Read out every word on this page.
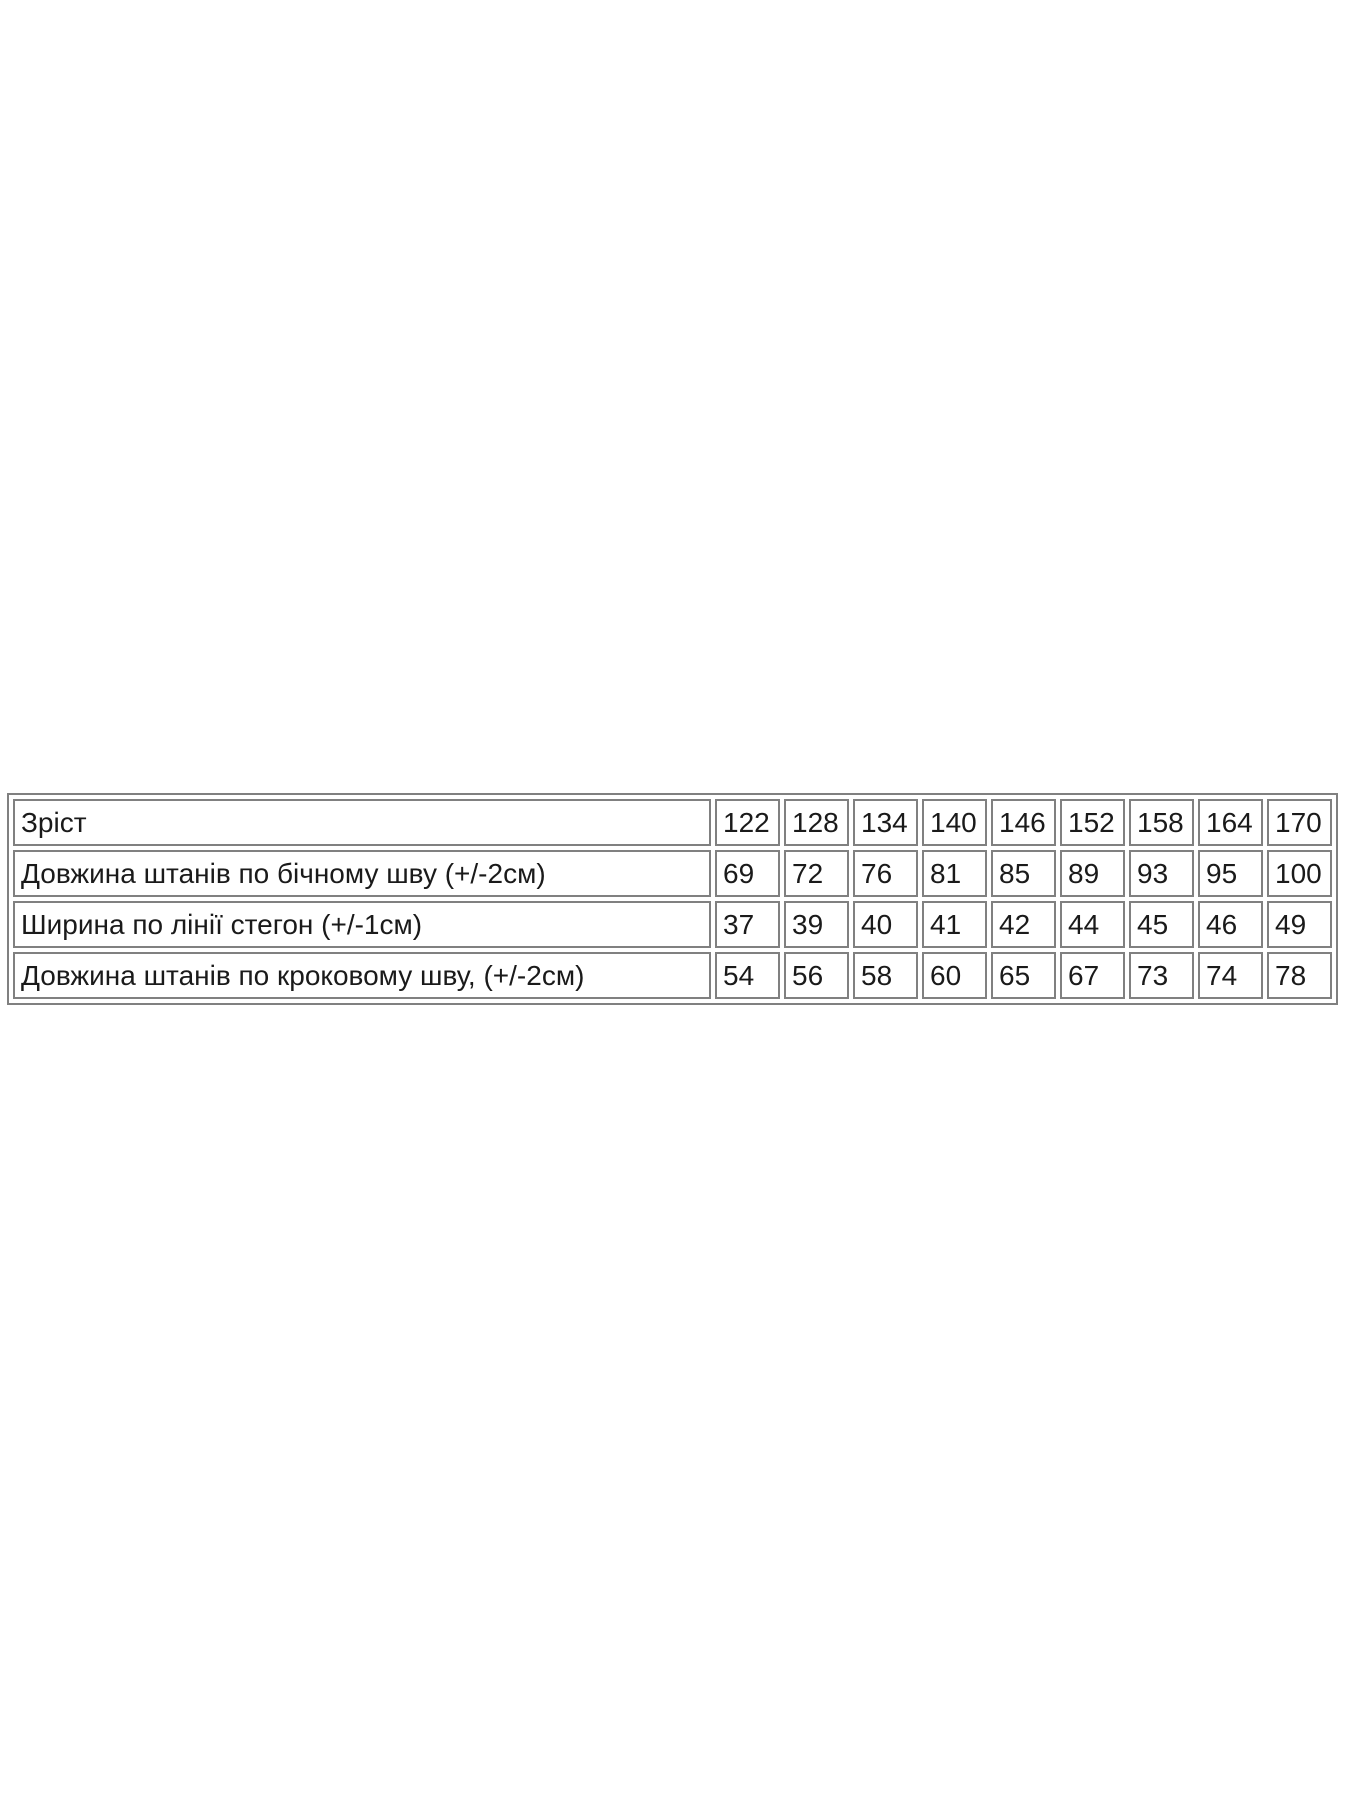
Зріст	122	128	134	140	146	152	158	164	170
Довжина штанів по бічному шву (+/-2см)	69	72	76	81	85	89	93	95	100
Ширина по лінії стегон (+/-1см)	37	39	40	41	42	44	45	46	49
Довжина штанів по кроковому шву, (+/-2см)	54	56	58	60	65	67	73	74	78
